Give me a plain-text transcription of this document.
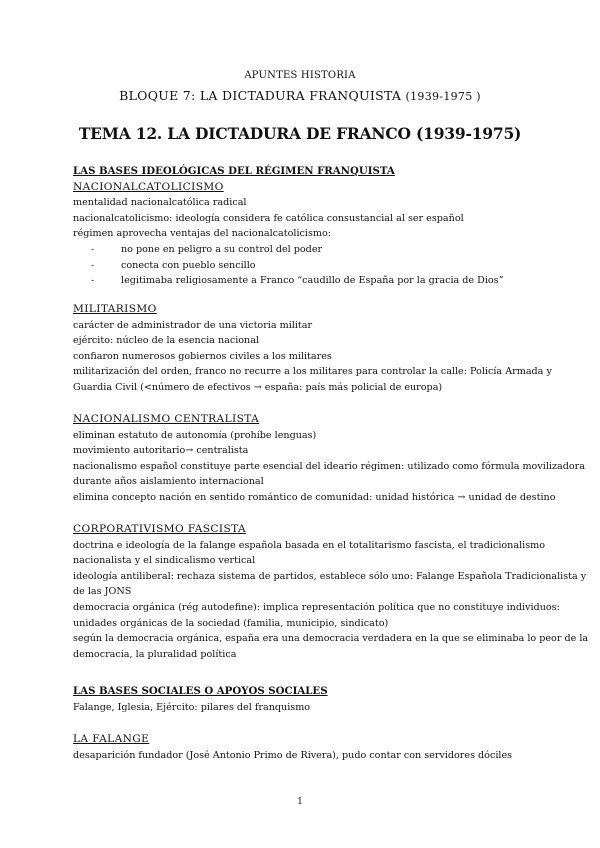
APUNTES HISTORIA
BLOQUE 7: LA DICTADURA FRANQUISTA (1939-1975 )
TEMA 12. LA DICTADURA DE FRANCO (1939-1975)

LAS BASES IDEOLÓGICAS DEL RÉGIMEN FRANQUISTA

NACIONALCATOLICISMO

mentalidad nacionalcatólica radical

nacionalcatolicismo: ideología considera fe católica consustancial al ser español

régimen aprovecha ventajas del nacionalcatolicismo:

- no pone en peligro a su control del poder
- conecta con pueblo sencillo
- legitimaba religiosamente a Franco “caudillo de España por la gracia de Dios”

MILITARISMO

carácter de administrador de una victoria militar

ejército: núcleo de la esencia nacional

confiaron numerosos gobiernos civiles a los militares

militarización del orden, franco no recurre a los militares para controlar la calle: Policía Armada y

Guardia Civil (<número de efectivos → españa: país más policial de europa)

NACIONALISMO CENTRALISTA

eliminan estatuto de autonomía (prohíbe lenguas)

movimiento autoritario→ centralista

nacionalismo español constituye parte esencial del ideario régimen: utilizado como fórmula movilizadora

durante años aislamiento internacional

elimina concepto nación en sentido romántico de comunidad: unidad histórica → unidad de destino

CORPORATIVISMO FASCISTA

doctrina e ideología de la falange española basada en el totalitarismo fascista, el tradicionalismo

nacionalista y el sindicalismo vertical

ideología antiliberal: rechaza sistema de partidos, establece sólo uno: Falange Española Tradicionalista y

de las JONS

democracia orgánica (rég autodefine): implica representación política que no constituye individuos:

unidades orgánicas de la sociedad (familia, municipio, sindicato)

según la democracia orgánica, españa era una democracia verdadera en la que se eliminaba lo peor de la

democracia, la pluralidad política

LAS BASES SOCIALES O APOYOS SOCIALES

Falange, Iglesia, Ejército: pilares del franquismo

LA FALANGE

desaparición fundador (José Antonio Primo de Rivera), pudo contar con servidores dóciles

1
